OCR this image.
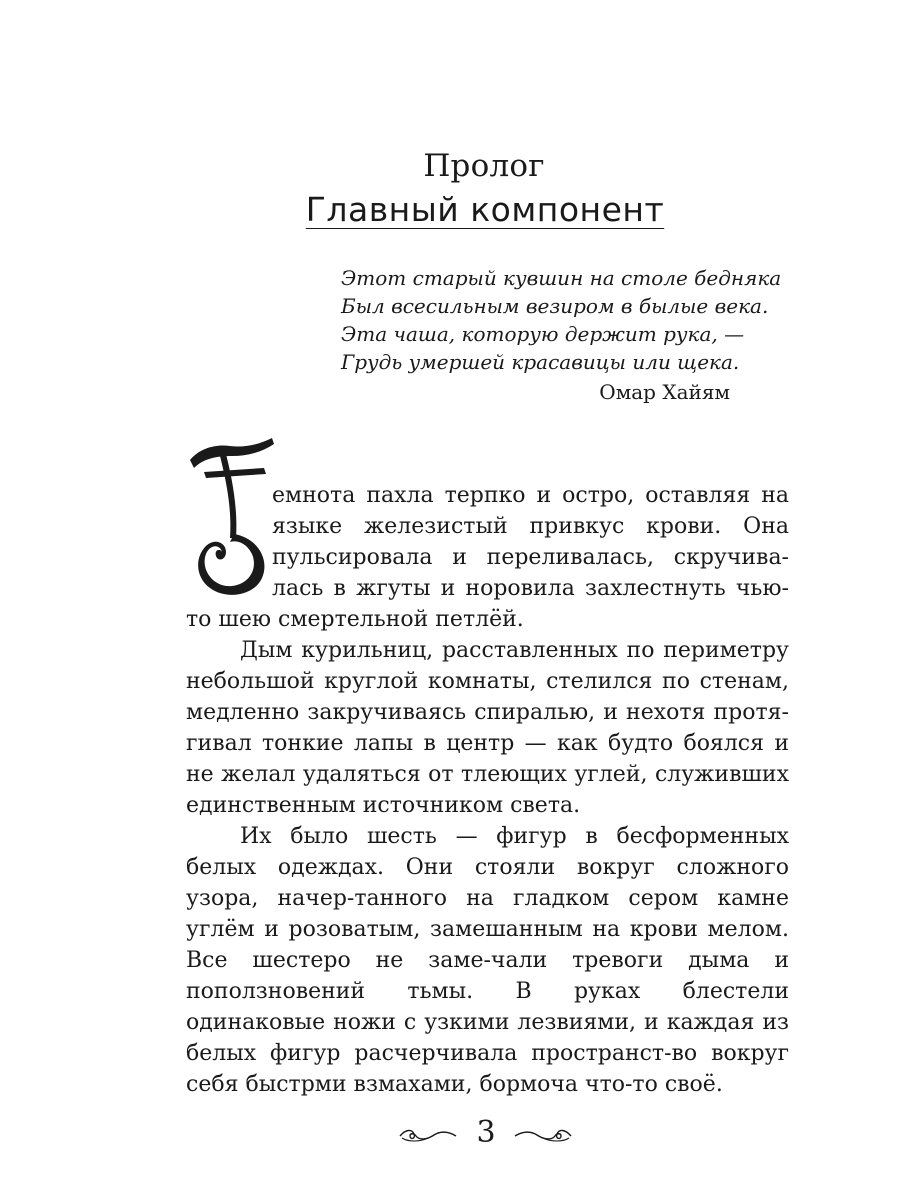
Пролог
Главный компонент
Этот старый кувшин на столе бедняка
Был всесильным везиром в былые века.
Эта чаша, которую держит рука, —
Грудь умершей красавицы или щека.
Омар Хайям

емнота пахла терпко и остро, оставляя на

языке железистый привкус крови. Она

пульсировала и переливалась, скручива-

лась в жгуты и норовила захлестнуть чью-

то шею смертельной петлёй.

Дым курильниц, расставленных по периметру небольшой круглой комнаты, стелился по стенам, медленно закручиваясь спиралью, и нехотя протя-гивал тонкие лапы в центр — как будто боялся и не желал удаляться от тлеющих углей, служивших единственным источником света.

Их было шесть — фигур в бесформенных белых одеждах. Они стояли вокруг сложного узора, начер-танного на гладком сером камне углём и розоватым, замешанным на крови мелом. Все шестеро не заме-чали тревоги дыма и поползновений тьмы. В руках блестели одинаковые ножи с узкими лезвиями, и каждая из белых фигур расчерчивала пространст-во вокруг себя быстрми взмахами, бормоча что-то своё.

3
